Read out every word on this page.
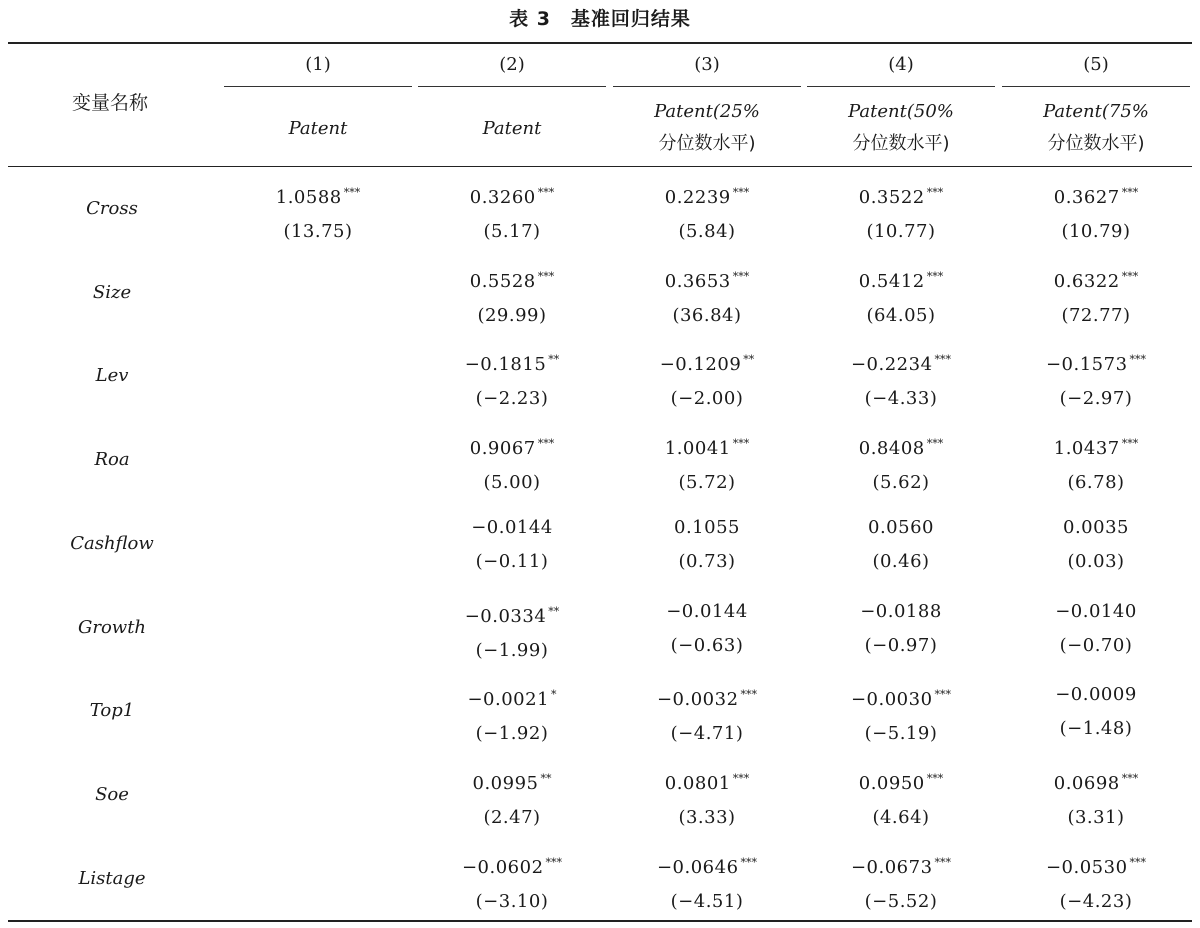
表 3　基准回归结果
变量名称
(1)
Patent
(2)
Patent
(3)
Patent(25%
分位数水平)
(4)
Patent(50%
分位数水平)
(5)
Patent(75%
分位数水平)
Cross
1.0588 ***
(13.75)
0.3260 ***
(5.17)
0.2239 ***
(5.84)
0.3522 ***
(10.77)
0.3627 ***
(10.79)
Size
0.5528 ***
(29.99)
0.3653 ***
(36.84)
0.5412 ***
(64.05)
0.6322 ***
(72.77)
Lev
−0.1815 **
(−2.23)
−0.1209 **
(−2.00)
−0.2234 ***
(−4.33)
−0.1573 ***
(−2.97)
Roa
0.9067 ***
(5.00)
1.0041 ***
(5.72)
0.8408 ***
(5.62)
1.0437 ***
(6.78)
Cashflow
−0.0144
(−0.11)
0.1055
(0.73)
0.0560
(0.46)
0.0035
(0.03)
Growth
−0.0334 **
(−1.99)
−0.0144
(−0.63)
−0.0188
(−0.97)
−0.0140
(−0.70)
Top1
−0.0021 *
(−1.92)
−0.0032 ***
(−4.71)
−0.0030 ***
(−5.19)
−0.0009
(−1.48)
Soe
0.0995 **
(2.47)
0.0801 ***
(3.33)
0.0950 ***
(4.64)
0.0698 ***
(3.31)
Listage
−0.0602 ***
(−3.10)
−0.0646 ***
(−4.51)
−0.0673 ***
(−5.52)
−0.0530 ***
(−4.23)
